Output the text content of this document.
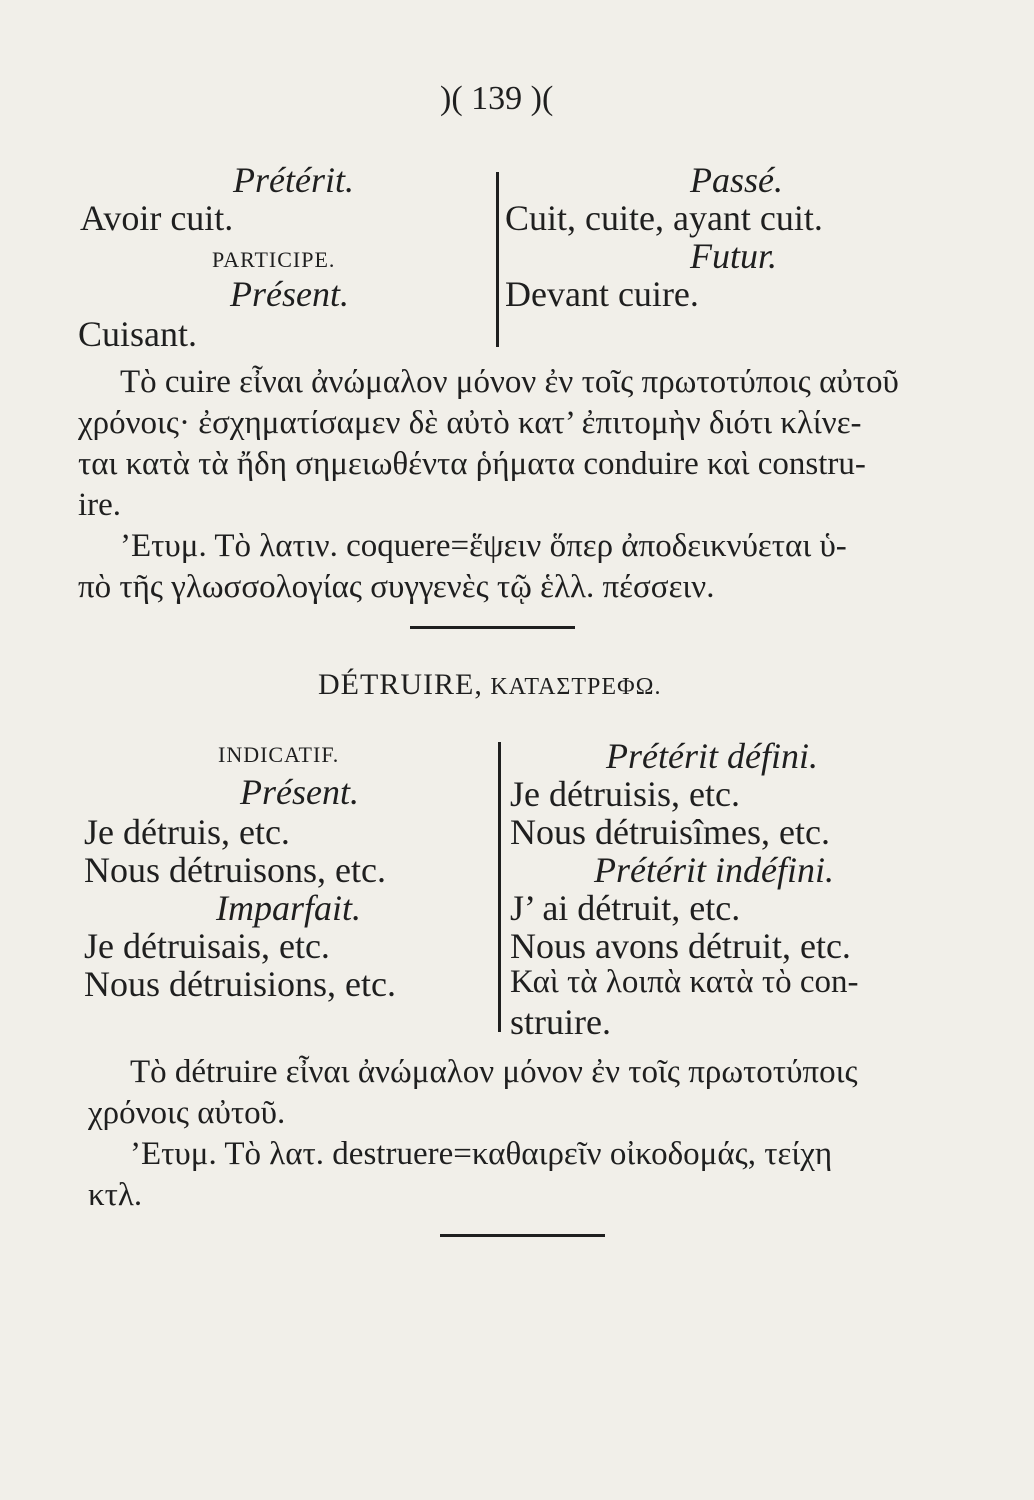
)( 139 )(
Prétérit.
Avoir cuit.
PARTICIPE.
Présent.
Cuisant.
Passé.
Cuit, cuite, ayant cuit.
Futur.
Devant cuire.
Τὸ cuire εἶναι ἀνώμαλον μόνον ἐν τοῖς πρωτοτύποις αὐτοῦ
χρόνοις· ἐσχηματίσαμεν δὲ αὐτὸ κατ’ ἐπιτομὴν διότι κλίνε-
ται κατὰ τὰ ἤδη σημειωθέντα ῥήματα conduire καὶ constru-
ire.
’Ετυμ. Τὸ λατιν. coquere=ἕψειν ὅπερ ἀποδεικνύεται ὑ-
πὸ τῆς γλωσσολογίας συγγενὲς τῷ ἑλλ. πέσσειν.
DÉTRUIRE, ΚΑΤΑΣΤΡΕΦΩ.
INDICATIF.
Présent.
Je détruis, etc.
Nous détruisons, etc.
Imparfait.
Je détruisais, etc.
Nous détruisions, etc.
Prétérit défini.
Je détruisis, etc.
Nous détruisîmes, etc.
Prétérit indéfini.
J’ ai détruit, etc.
Nous avons détruit, etc.
Καὶ τὰ λοιπὰ κατὰ τὸ con-
struire.
Τὸ détruire εἶναι ἀνώμαλον μόνον ἐν τοῖς πρωτοτύποις
χρόνοις αὐτοῦ.
’Ετυμ. Τὸ λατ. destruere=καθαιρεῖν οἰκοδομάς, τείχη
κτλ.
